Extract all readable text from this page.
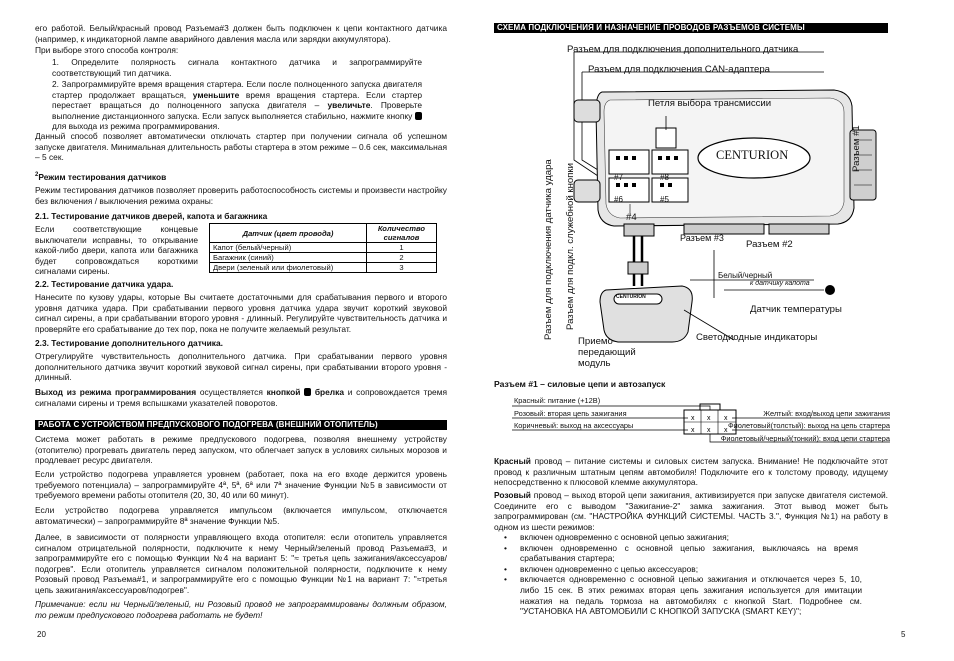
его работой. Белый/красный провод Разъема#3 должен быть подключен к цепи контактного датчика (например, к индикаторной лампе аварийного давления масла или зарядки аккумулятора).

При выборе этого способа контроля:

1. Определите полярность сигнала контактного датчика и запрограммируйте соответствующий тип датчика.

2. Запрограммируйте время вращения стартера. Если после полноценного запуска двигателя стартер продолжает вращаться, уменьшите время вращения стартера. Если стартер перестает вращаться до полноценного запуска двигателя – увеличьте. Проверьте выполнение дистанционного запуска. Если запуск выполняется стабильно, нажмите кнопку  для выхода из режима программирования.

Данный способ позволяет автоматически отключать стартер при получении сигнала об успешном запуске двигателя. Минимальная длительность работы стартера в этом режиме – 0.6 сек, максимальная – 5 сек.

$^2$Режим тестирования датчиков

Режим тестирования датчиков позволяет проверить работоспособность системы и произвести настройку без включения / выключения режима охраны:

2.1. Тестирование датчиков дверей, капота и багажника

Если соответствующие концевые выключатели исправны, то открывание какой-либо двери, капота или багажника будет сопровождаться короткими сигналами сирены.

Датчик (цвет провода)	Количество сигналов
Капот (белый/черный)	1
Багажник (синий)	2
Двери (зеленый или фиолетовый)	3

2.2. Тестирование датчика удара.

Нанесите по кузову удары, которые Вы считаете достаточными для срабатывания первого и второго уровня датчика удара. При срабатывании первого уровня датчика удара звучит короткий звуковой сигнал сирены, а при срабатывании второго уровня - длинный. Регулируйте чувствительность датчика и проверяйте его срабатывание до тех пор, пока не получите желаемый результат.

2.3. Тестирование дополнительного датчика.

Отрегулируйте чувствительность дополнительного датчика. При срабатывании первого уровня дополнительного датчика звучит короткий звуковой сигнал сирены, при срабатывании второго уровня - длинный.

Выход из режима программирования осуществляется кнопкой брелка и сопровождается тремя сигналами сирены и тремя вспышками указателей поворотов.

РАБОТА С УСТРОЙСТВОМ ПРЕДПУСКОВОГО ПОДОГРЕВА (ВНЕШНИЙ ОТОПИТЕЛЬ)

Система может работать в режиме предпускового подогрева, позволяя внешнему устройству (отопителю) прогревать двигатель перед запуском, что облегчает запуск в условиях сильных морозов и продлевает ресурс двигателя.

Если устройство подогрева управляется уровнем (работает, пока на его входе держится уровень требуемого потенциала) – запрограммируйте 4ª, 5ª, 6ª или 7ª значение Функции №5 в зависимости от требуемого времени работы отопителя (20, 30, 40 или 60 минут).

Если устройство подогрева управляется импульсом (включается импульсом, отключается автоматически) – запрограммируйте 8ª значение Функции №5.

Далее, в зависимости от полярности управляющего входа отопителя: если отопитель управляется сигналом отрицательной полярности, подключите к нему Черный/зеленый провод Разъема#3, и запрограммируйте его с помощью Функции №4 на вариант 5: "≈ третья цепь зажигания/аксессуаров/подогрев". Если отопитель управляется сигналом положительной полярности, подключите к нему Розовый провод Разъема#1, и запрограммируйте его с помощью Функции №1 на вариант 7: "≈третья цепь зажигания/аксессуаров/подогрев".

Примечание: если ни Черный/зеленый, ни Розовый провод не запрограммированы должным образом, то режим предпускового подогрева работать не будет!

20
СХЕМА ПОДКЛЮЧЕНИЯ И НАЗНАЧЕНИЕ ПРОВОДОВ РАЗЪЕМОВ СИСТЕМЫ
Разъем для подключения дополнительного датчика
Разъем для подключения CAN-адаптера
Петля выбора трансмиссии
CENTURION	Разъем #1
Разъем для подключения датчика удара Разъем для подкл. служебной кнопки	#7	#8
#6	#5
#4
Разъем #3
Разъем #2
Белый/черный
к датчику капота
Датчик температуры
Светодиодные индикаторы
Приемо-
передающий
модуль
CENTURION

Разъем #1 – силовые цепи и автозапуск

x x x
x x x
Красный: питание (+12В)
Розовый: вторая цепь зажигания
Коричневый: выход на аксессуары
Желтый: вход/выход цепи зажигания
Фиолетовый(толстый): выход на цепь стартера
Фиолетовый/черный(тонкий): вход цепи стартера

Красный провод – питание системы и силовых систем запуска. Внимание! Не подключайте этот провод к различным штатным цепям автомобиля! Подключите его к толстому проводу, идущему непосредственно к плюсовой клемме аккумулятора.

Розовый провод – выход второй цепи зажигания, активизируется при запуске двигателя системой. Соедините его с выводом "Зажигание-2" замка зажигания. Этот вывод может быть запрограммирован (см. "НАСТРОЙКА ФУНКЦИЙ СИСТЕМЫ. ЧАСТЬ 3.", Функция №1) на работу в одном из шести режимов:

• включен одновременно с основной цепью зажигания;
• включен одновременно с основной цепью зажигания, выключаясь на время срабатывания стартера;
• включен одновременно с цепью аксессуаров;
• включается одновременно с основной цепью зажигания и отключается через 5, 10, либо 15 сек. В этих режимах вторая цепь зажигания используется для имитации нажатия на педаль тормоза на автомобилях с кнопкой Start. Подробнее см. "УСТАНОВКА НА АВТОМОБИЛИ С КНОПКОЙ ЗАПУСКА (SMART KEY)";
5
